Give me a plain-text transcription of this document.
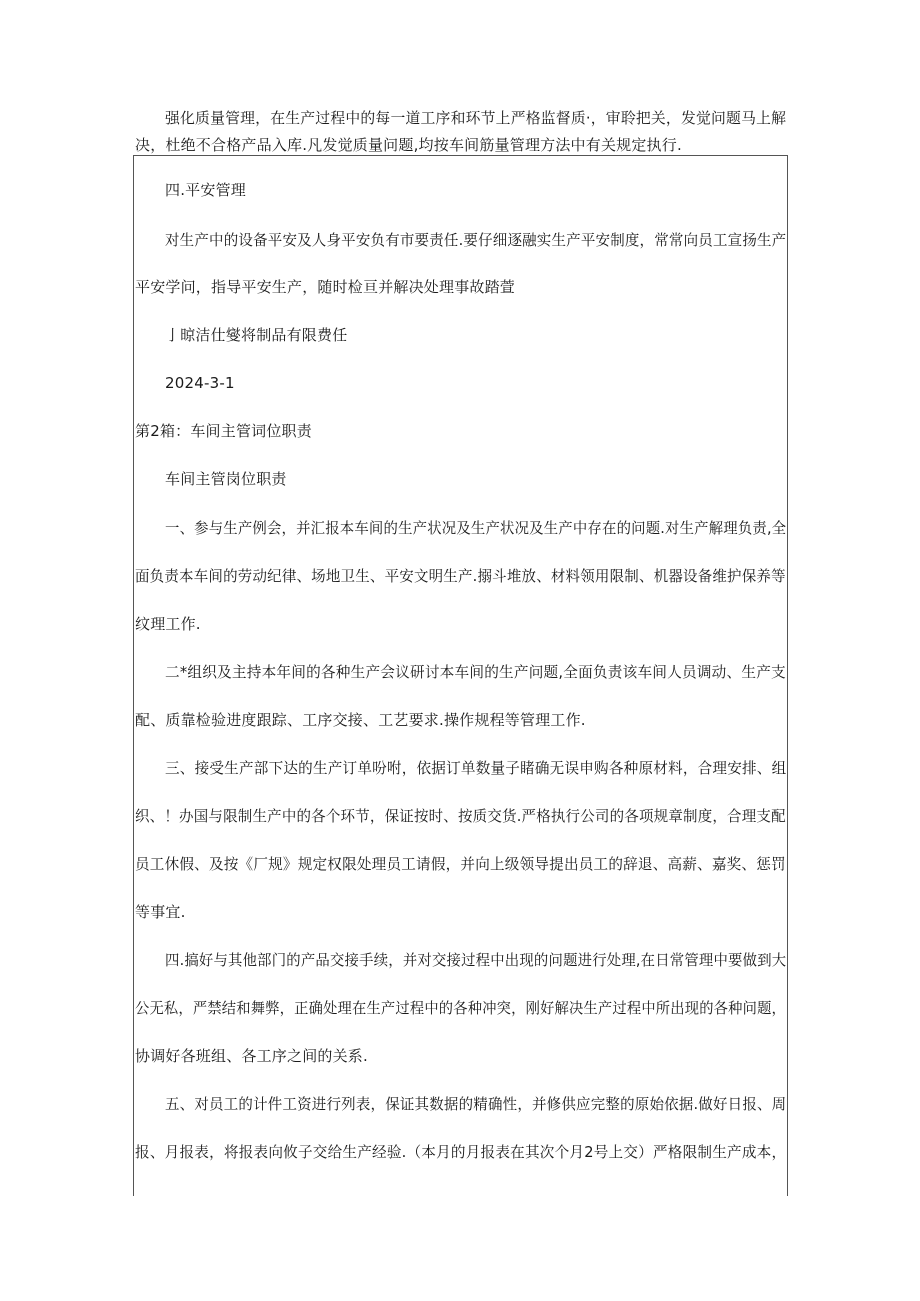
强化质量管理，在生产过程中的每一道工序和环节上严格监督质·，审聆把关，发觉问题马上解
决，杜绝不合格产品入库.凡发觉质量问题,均按车间筋量管理方法中有关规定执行.
四.平安管理
对生产中的设备平安及人身平安负有市要责任.要仔细逐融实生产平安制度，常常向员工宣扬生产
平安学问，指导平安生产，随时检亘并解决处理事故踏萱
亅晾洁仕燮将制品有限费任
2024-3-1
第2箱：车间主管词位职责
车间主管岗位职责
一、参与生产例会，并汇报本车间的生产状况及生产状况及生产中存在的问题.对生产解理负责,全
面负责本车间的劳动纪律、场地卫生、平安文明生产.搦斗堆放、材料领用限制、机器设备维护保养等
纹理工作.
二*组织及主持本年间的各种生产会议研讨本车间的生产问题,全面负责该车间人员调动、生产支
配、质靠检验进度跟踪、工序交接、工艺要求.操作规程等管理工作.
三、接受生产部下达的生产订单吩咐，依据订单数量子睹确无误申购各种原材料，合理安排、组
织、！办国与限制生产中的各个环节，保证按时、按质交货.严格执行公司的各项规章制度，合理支配
员工休假、及按《厂规》规定权限处理员工请假，并向上级领导提出员工的辞退、高薪、嘉奖、惩罚
等事宜.
四.搞好与其他部门的产品交接手续，并对交接过程中出现的问题进行处理,在日常管理中要做到大
公无私，严禁结和舞弊，正确处理在生产过程中的各种冲突，刚好解决生产过程中所出现的各种问题，
协调好各班组、各工序之间的关系.
五、对员工的计件工资进行列表，保证其数据的精确性，并修供应完整的原始依据.做好日报、周
报、月报表，将报表向攸子交给生产经验.（本月的月报表在其次个月2号上交）严格限制生产成本，
